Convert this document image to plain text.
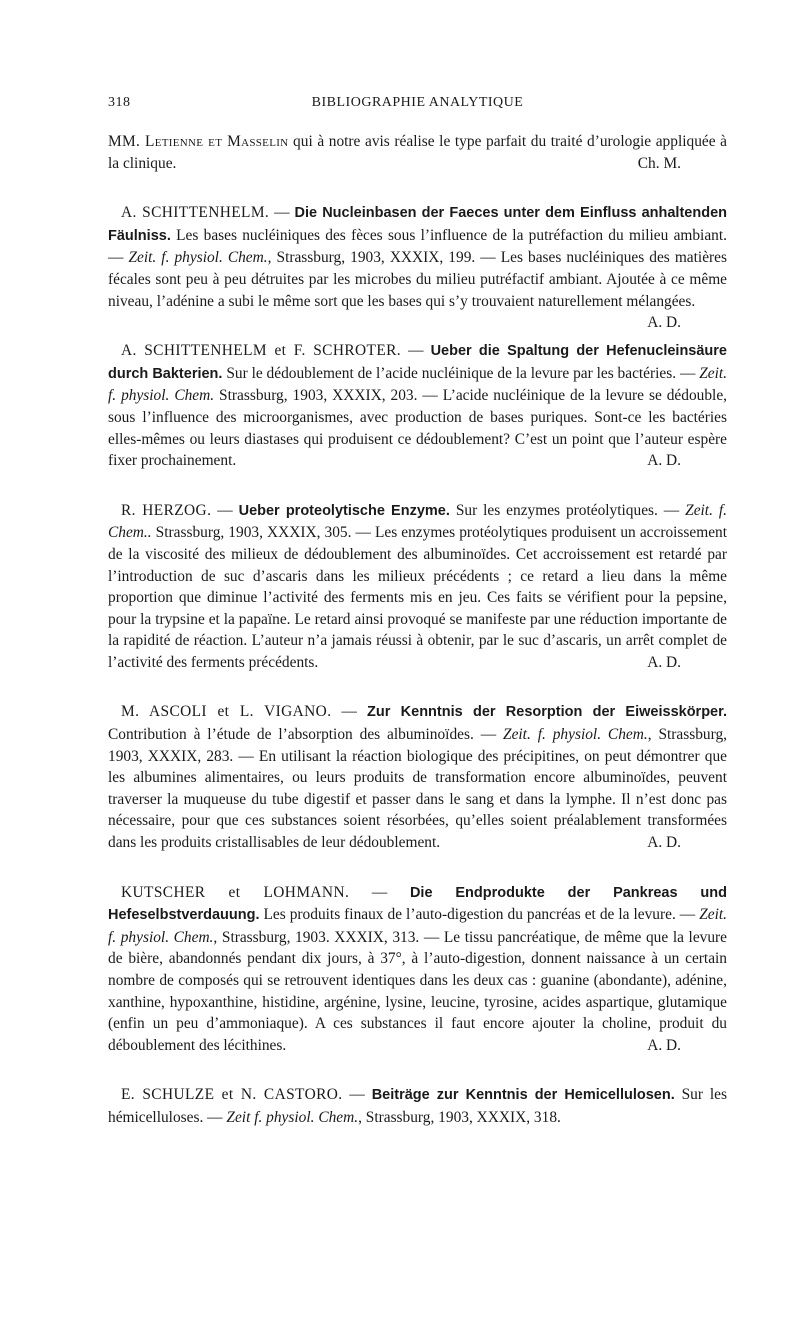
318	BIBLIOGRAPHIE ANALYTIQUE

MM. Letienne et Masselin qui à notre avis réalise le type parfait du traité d’urologie appliquée à la clinique.	Ch. M.

A. SCHITTENHELM. — Die Nucleinbasen der Faeces unter dem Einfluss anhaltenden Fäulniss. Les bases nucléiniques des fèces sous l’influence de la putréfaction du milieu ambiant. — Zeit. f. physiol. Chem., Strassburg, 1903, XXXIX, 199. — Les bases nucléiniques des matières fécales sont peu à peu détruites par les microbes du milieu putréfactif ambiant. Ajoutée à ce même niveau, l’adénine a subi le même sort que les bases qui s’y trouvaient naturellement mélangées.
A. D.

A. SCHITTENHELM et F. SCHROTER. — Ueber die Spaltung der Hefenucleinsäure durch Bakterien. Sur le dédoublement de l’acide nucléinique de la levure par les bactéries. — Zeit. f. physiol. Chem. Strassburg, 1903, XXXIX, 203. — L’acide nucléinique de la levure se dédouble, sous l’influence des microorganismes, avec production de bases puriques. Sont-ce les bactéries elles-mêmes ou leurs diastases qui produisent ce dédoublement? C’est un point que l’auteur espère fixer prochainement.	A. D.

R. HERZOG. — Ueber proteolytische Enzyme. Sur les enzymes protéolytiques. — Zeit. f. Chem.. Strassburg, 1903, XXXIX, 305. — Les enzymes protéolytiques produisent un accroissement de la viscosité des milieux de dédoublement des albuminoïdes. Cet accroissement est retardé par l’introduction de suc d’ascaris dans les milieux précédents ; ce retard a lieu dans la même proportion que diminue l’activité des ferments mis en jeu. Ces faits se vérifient pour la pepsine, pour la trypsine et la papaïne. Le retard ainsi provoqué se manifeste par une réduction importante de la rapidité de réaction. L’auteur n’a jamais réussi à obtenir, par le suc d’ascaris, un arrêt complet de l’activité des ferments précédents.	A. D.

M. ASCOLI et L. VIGANO. — Zur Kenntnis der Resorption der Eiweisskörper. Contribution à l’étude de l’absorption des albuminoïdes. — Zeit. f. physiol. Chem., Strassburg, 1903, XXXIX, 283. — En utilisant la réaction biologique des précipitines, on peut démontrer que les albumines alimentaires, ou leurs produits de transformation encore albuminoïdes, peuvent traverser la muqueuse du tube digestif et passer dans le sang et dans la lymphe. Il n’est donc pas nécessaire, pour que ces substances soient résorbées, qu’elles soient préalablement transformées dans les produits cristallisables de leur dédoublement.	A. D.

KUTSCHER et LOHMANN. — Die Endprodukte der Pankreas und Hefeselbstverdauung. Les produits finaux de l’auto-digestion du pancréas et de la levure. — Zeit. f. physiol. Chem., Strassburg, 1903. XXXIX, 313. — Le tissu pancréatique, de même que la levure de bière, abandonnés pendant dix jours, à 37°, à l’auto-digestion, donnent naissance à un certain nombre de composés qui se retrouvent identiques dans les deux cas : guanine (abondante), adénine, xanthine, hypoxanthine, histidine, argénine, lysine, leucine, tyrosine, acides aspartique, glutamique (enfin un peu d’ammoniaque). A ces substances il faut encore ajouter la choline, produit du déboublement des lécithines.	A. D.

E. SCHULZE et N. CASTORO. — Beiträge zur Kenntnis der Hemicellulosen. Sur les hémicelluloses. — Zeit f. physiol. Chem., Strassburg, 1903, XXXIX, 318.
